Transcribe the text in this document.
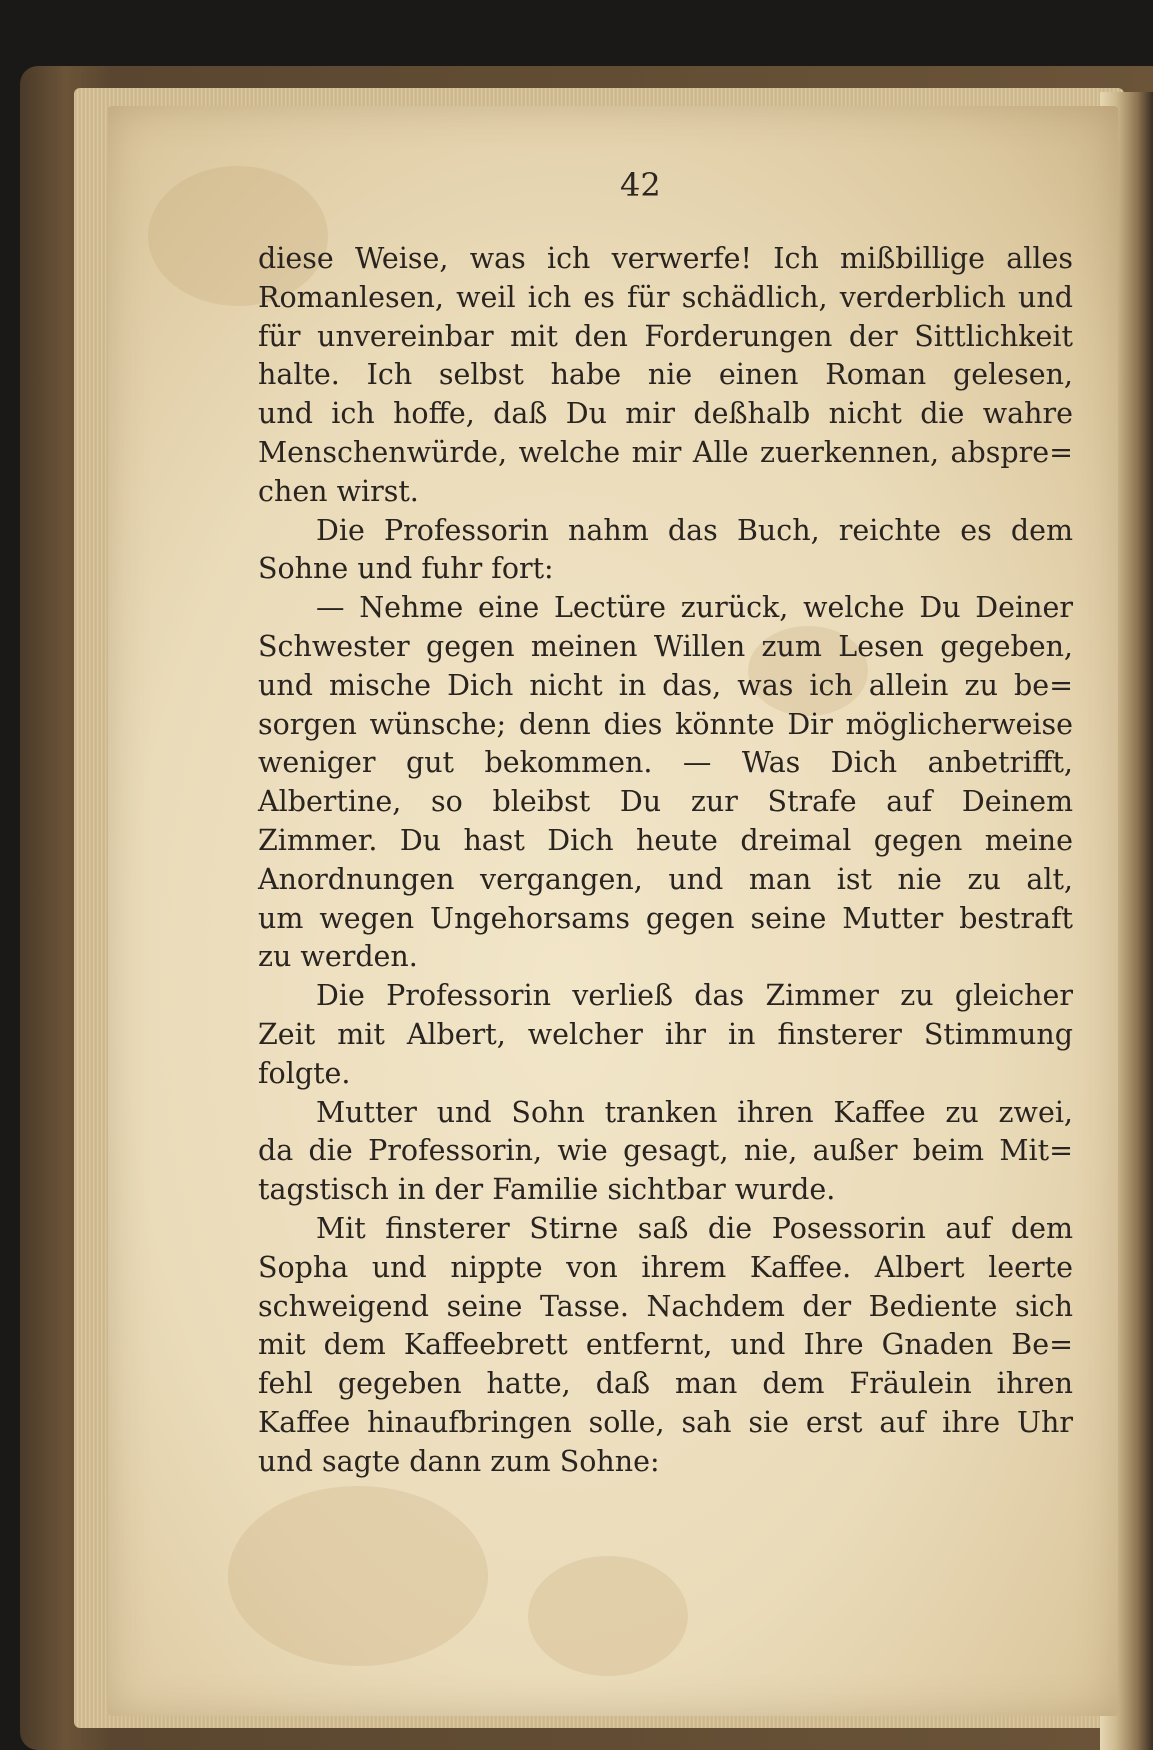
42
diese Weise, was ich verwerfe! Ich mißbillige alles
Romanlesen, weil ich es für schädlich, verderblich und
für unvereinbar mit den Forderungen der Sittlichkeit
halte. Ich selbst habe nie einen Roman gelesen,
und ich hoffe, daß Du mir deßhalb nicht die wahre
Menschenwürde, welche mir Alle zuerkennen, abspre=
chen wirst.
Die Professorin nahm das Buch, reichte es dem
Sohne und fuhr fort:
— Nehme eine Lectüre zurück, welche Du Deiner
Schwester gegen meinen Willen zum Lesen gegeben,
und mische Dich nicht in das, was ich allein zu be=
sorgen wünsche; denn dies könnte Dir möglicherweise
weniger gut bekommen. — Was Dich anbetrifft,
Albertine, so bleibst Du zur Strafe auf Deinem
Zimmer. Du hast Dich heute dreimal gegen meine
Anordnungen vergangen, und man ist nie zu alt,
um wegen Ungehorsams gegen seine Mutter bestraft
zu werden.
Die Professorin verließ das Zimmer zu gleicher
Zeit mit Albert, welcher ihr in finsterer Stimmung
folgte.
Mutter und Sohn tranken ihren Kaffee zu zwei,
da die Professorin, wie gesagt, nie, außer beim Mit=
tagstisch in der Familie sichtbar wurde.
Mit finsterer Stirne saß die Posessorin auf dem
Sopha und nippte von ihrem Kaffee. Albert leerte
schweigend seine Tasse. Nachdem der Bediente sich
mit dem Kaffeebrett entfernt, und Ihre Gnaden Be=
fehl gegeben hatte, daß man dem Fräulein ihren
Kaffee hinaufbringen solle, sah sie erst auf ihre Uhr
und sagte dann zum Sohne:
